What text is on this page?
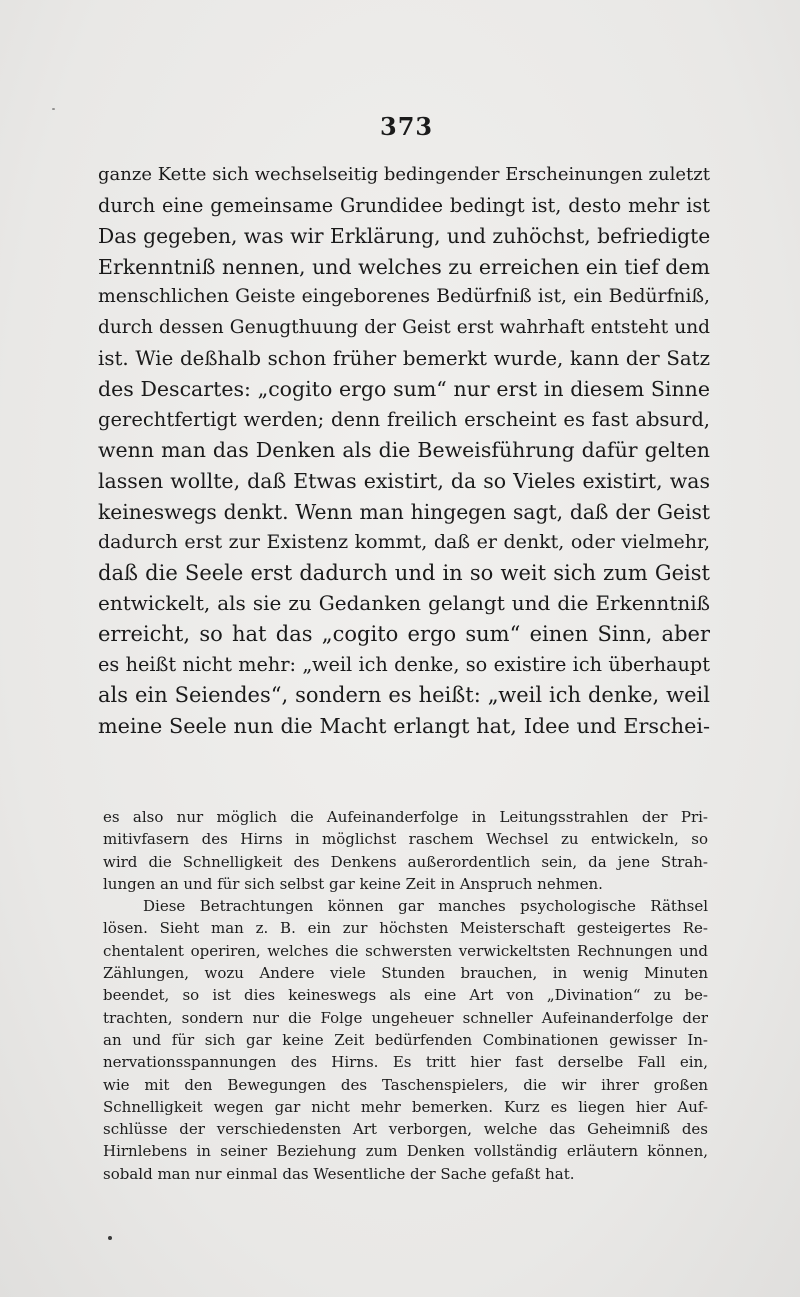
373
ganze Kette sich wechselseitig bedingender Erscheinungen zuletzt
durch eine gemeinsame Grundidee bedingt ist, desto mehr ist
Das gegeben, was wir Erklärung, und zuhöchst, befriedigte
Erkenntniß nennen, und welches zu erreichen ein tief dem
menschlichen Geiste eingeborenes Bedürfniß ist, ein Bedürfniß,
durch dessen Genugthuung der Geist erst wahrhaft entsteht und
ist. Wie deßhalb schon früher bemerkt wurde, kann der Satz
des Descartes: „cogito ergo sum“ nur erst in diesem Sinne
gerechtfertigt werden; denn freilich erscheint es fast absurd,
wenn man das Denken als die Beweisführung dafür gelten
lassen wollte, daß Etwas existirt, da so Vieles existirt, was
keineswegs denkt. Wenn man hingegen sagt, daß der Geist
dadurch erst zur Existenz kommt, daß er denkt, oder vielmehr,
daß die Seele erst dadurch und in so weit sich zum Geist
entwickelt, als sie zu Gedanken gelangt und die Erkenntniß
erreicht, so hat das „cogito ergo sum“ einen Sinn, aber
es heißt nicht mehr: „weil ich denke, so existire ich überhaupt
als ein Seiendes“, sondern es heißt: „weil ich denke, weil
meine Seele nun die Macht erlangt hat, Idee und Erschei-
es also nur möglich die Aufeinanderfolge in Leitungsstrahlen der Pri-
mitivfasern des Hirns in möglichst raschem Wechsel zu entwickeln, so
wird die Schnelligkeit des Denkens außerordentlich sein, da jene Strah-
lungen an und für sich selbst gar keine Zeit in Anspruch nehmen.
Diese Betrachtungen können gar manches psychologische Räthsel
lösen. Sieht man z. B. ein zur höchsten Meisterschaft gesteigertes Re-
chentalent operiren, welches die schwersten verwickeltsten Rechnungen und
Zählungen, wozu Andere viele Stunden brauchen, in wenig Minuten
beendet, so ist dies keineswegs als eine Art von „Divination“ zu be-
trachten, sondern nur die Folge ungeheuer schneller Aufeinanderfolge der
an und für sich gar keine Zeit bedürfenden Combinationen gewisser In-
nervationsspannungen des Hirns. Es tritt hier fast derselbe Fall ein,
wie mit den Bewegungen des Taschenspielers, die wir ihrer großen
Schnelligkeit wegen gar nicht mehr bemerken. Kurz es liegen hier Auf-
schlüsse der verschiedensten Art verborgen, welche das Geheimniß des
Hirnlebens in seiner Beziehung zum Denken vollständig erläutern können,
sobald man nur einmal das Wesentliche der Sache gefaßt hat.
